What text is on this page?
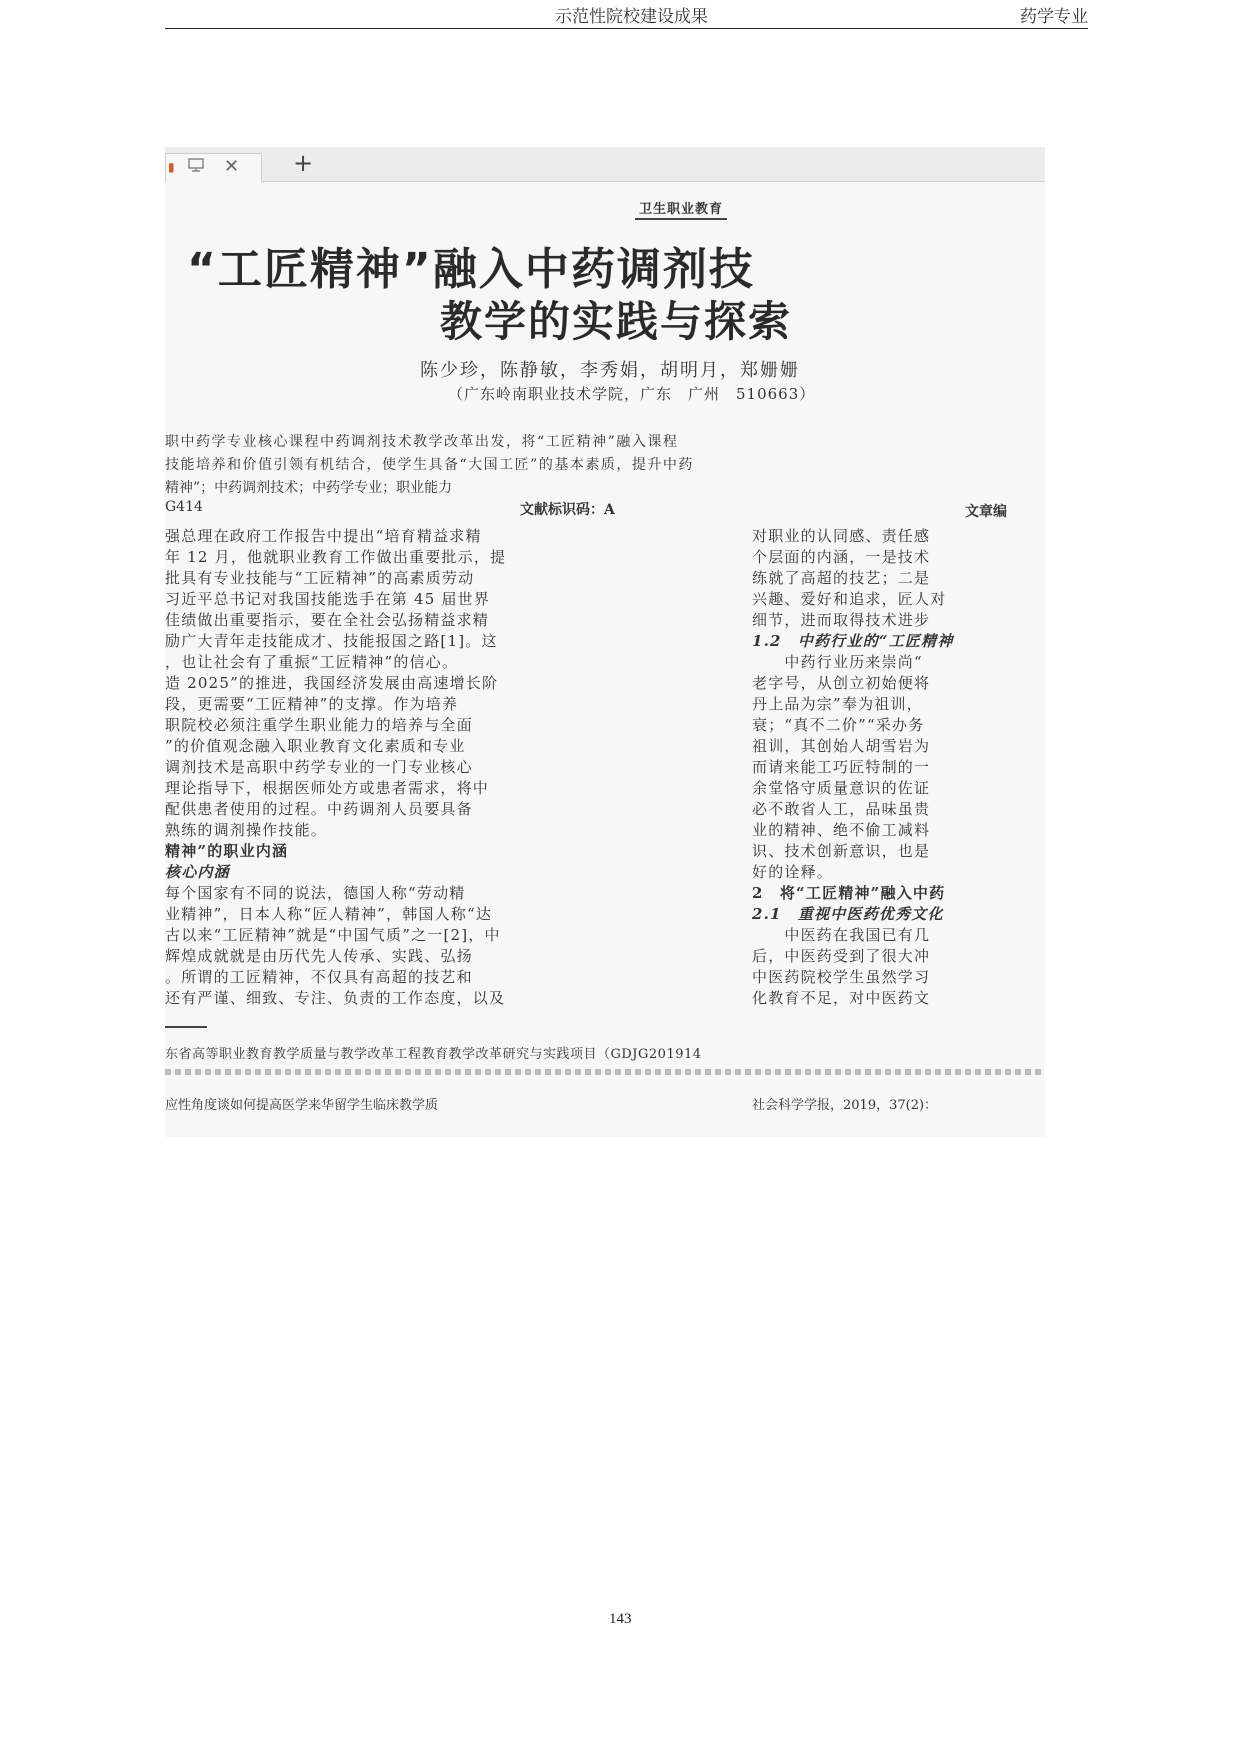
示范性院校建设成果	药学专业
▮	✕ +
卫生职业教育
“工匠精神”融入中药调剂技
教学的实践与探索
陈少珍，陈静敏，李秀娟，胡明月，郑姗姗
（广东岭南职业技术学院，广东　广州　510663）
职中药学专业核心课程中药调剂技术教学改革出发，将“工匠精神”融入课程
技能培养和价值引领有机结合，使学生具备“大国工匠”的基本素质，提升中药
精神”；中药调剂技术；中药学专业；职业能力
G414	文献标识码：A	文章编
强总理在政府工作报告中提出“培育精益求精
年 12 月，他就职业教育工作做出重要批示，提
批具有专业技能与“工匠精神”的高素质劳动
习近平总书记对我国技能选手在第 45 届世界
佳绩做出重要指示，要在全社会弘扬精益求精
励广大青年走技能成才、技能报国之路[1]。这
，也让社会有了重振“工匠精神”的信心。
造 2025”的推进，我国经济发展由高速增长阶
段，更需要“工匠精神”的支撑。作为培养
职院校必须注重学生职业能力的培养与全面
”的价值观念融入职业教育文化素质和专业
调剂技术是高职中药学专业的一门专业核心
理论指导下，根据医师处方或患者需求，将中
配供患者使用的过程。中药调剂人员要具备
熟练的调剂操作技能。
精神”的职业内涵
核心内涵
每个国家有不同的说法，德国人称“劳动精
业精神”，日本人称“匠人精神”，韩国人称“达
古以来“工匠精神”就是“中国气质”之一[2]，中
辉煌成就就是由历代先人传承、实践、弘扬
。所谓的工匠精神，不仅具有高超的技艺和
还有严谨、细致、专注、负责的工作态度，以及
对职业的认同感、责任感
个层面的内涵，一是技术
练就了高超的技艺；二是
兴趣、爱好和追求，匠人对
细节，进而取得技术进步
1.2　中药行业的“工匠精神
　　中药行业历来崇尚“
老字号，从创立初始便将
丹上品为宗”奉为祖训，
衰；“真不二价”“采办务
祖训，其创始人胡雪岩为
而请来能工巧匠特制的一
余堂恪守质量意识的佐证
必不敢省人工，品味虽贵
业的精神、绝不偷工减料
识、技术创新意识，也是
好的诠释。
2　将“工匠精神”融入中药
2.1　重视中医药优秀文化
　　中医药在我国已有几
后，中医药受到了很大冲
中医药院校学生虽然学习
化教育不足，对中医药文
东省高等职业教育教学质量与教学改革工程教育教学改革研究与实践项目（GDJG201914
应性角度谈如何提高医学来华留学生临床教学质	社会科学学报，2019，37(2)：
143
